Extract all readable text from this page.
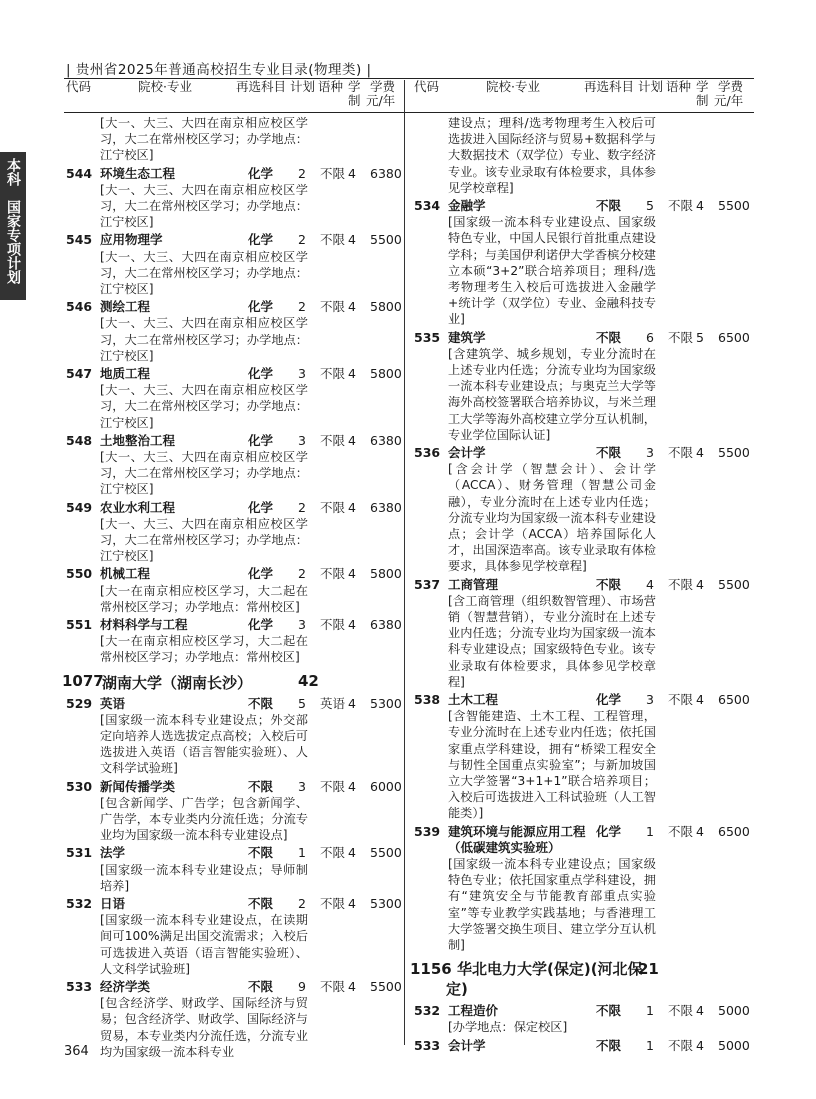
| 贵州省2025年普通高校招生专业目录(物理类) |
代码	院校·专业	再选科目 计划 语种 学
制
学费
元/年
代码	院校·专业	再选科目 计划 语种 学
制
学费
元/年
本科
国家专项计划
[大一、大三、大四在南京相应校区学习，大二在常州校区学习；办学地点：江宁校区]
544 环境生态工程	化学 2 不限 4 6380
[大一、大三、大四在南京相应校区学习，大二在常州校区学习；办学地点：江宁校区]
545 应用物理学	化学 2 不限 4 5500
[大一、大三、大四在南京相应校区学习，大二在常州校区学习；办学地点：江宁校区]
546 测绘工程	化学 2 不限 4 5800
[大一、大三、大四在南京相应校区学习，大二在常州校区学习；办学地点：江宁校区]
547 地质工程	化学 3 不限 4 5800
[大一、大三、大四在南京相应校区学习，大二在常州校区学习；办学地点：江宁校区]
548 土地整治工程	化学 3 不限 4 6380
[大一、大三、大四在南京相应校区学习，大二在常州校区学习；办学地点：江宁校区]
549 农业水利工程	化学 2 不限 4 6380
[大一、大三、大四在南京相应校区学习，大二在常州校区学习；办学地点：江宁校区]
550 机械工程	化学 2 不限 4 5800
[大一在南京相应校区学习，大二起在常州校区学习；办学地点：常州校区]
551 材料科学与工程	化学 3 不限 4 6380
[大一在南京相应校区学习，大二起在常州校区学习；办学地点：常州校区]
1077
湖南大学（湖南长沙）	42
529 英语	不限 5 英语 4 5300
[国家级一流本科专业建设点；外交部定向培养人选选拔定点高校；入校后可选拔进入英语（语言智能实验班）、人文科学试验班]
530 新闻传播学类	不限 3 不限 4 6000
[包含新闻学、广告学；包含新闻学、广告学，本专业类内分流任选；分流专业均为国家级一流本科专业建设点]
531 法学	不限 1 不限 4 5500
[国家级一流本科专业建设点；导师制培养]
532 日语	不限 2 不限 4 5300
[国家级一流本科专业建设点，在读期间可100%满足出国交流需求；入校后可选拔进入英语（语言智能实验班）、人文科学试验班]
533 经济学类	不限 9 不限 4 5500
[包含经济学、财政学、国际经济与贸易；包含经济学、财政学、国际经济与贸易，本专业类内分流任选，分流专业均为国家级一流本科专业
建设点；理科/选考物理考生入校后可选拔进入国际经济与贸易+数据科学与大数据技术（双学位）专业、数字经济专业。该专业录取有体检要求，具体参见学校章程]
534 金融学	不限 5 不限 4 5500
[国家级一流本科专业建设点、国家级特色专业，中国人民银行首批重点建设学科；与美国伊利诺伊大学香槟分校建立本硕“3+2”联合培养项目；理科/选考物理考生入校后可选拔进入金融学+统计学（双学位）专业、金融科技专业]
535 建筑学	不限 6 不限 5 6500
[含建筑学、城乡规划，专业分流时在上述专业内任选；分流专业均为国家级一流本科专业建设点；与奥克兰大学等海外高校签署联合培养协议，与米兰理工大学等海外高校建立学分互认机制，专业学位国际认证]
536 会计学	不限 3 不限 4 5500
[含会计学（智慧会计）、会计学（ACCA）、财务管理（智慧公司金融），专业分流时在上述专业内任选；分流专业均为国家级一流本科专业建设点；会计学（ACCA）培养国际化人才，出国深造率高。该专业录取有体检要求，具体参见学校章程]
537 工商管理	不限 4 不限 4 5500
[含工商管理（组织数智管理）、市场营销（智慧营销），专业分流时在上述专业内任选；分流专业均为国家级一流本科专业建设点；国家级特色专业。该专业录取有体检要求，具体参见学校章程]
538 土木工程	化学 3 不限 4 6500
[含智能建造、土木工程、工程管理，专业分流时在上述专业内任选；依托国家重点学科建设，拥有“桥梁工程安全与韧性全国重点实验室”；与新加坡国立大学签署“3+1+1”联合培养项目；入校后可选拔进入工科试验班（人工智能类）]
539 建筑环境与能源应用工程 化学 1 不限 4 6500
（低碳建筑实验班）
[国家级一流本科专业建设点；国家级特色专业；依托国家重点学科建设，拥有“建筑安全与节能教育部重点实验室”等专业教学实践基地；与香港理工大学签署交换生项目、建立学分互认机制]
1156 华北电力大学(保定)(河北保
21
定)
532 工程造价	不限 1 不限 4 5000
[办学地点：保定校区]
533 会计学	不限 1 不限 4 5000
364
